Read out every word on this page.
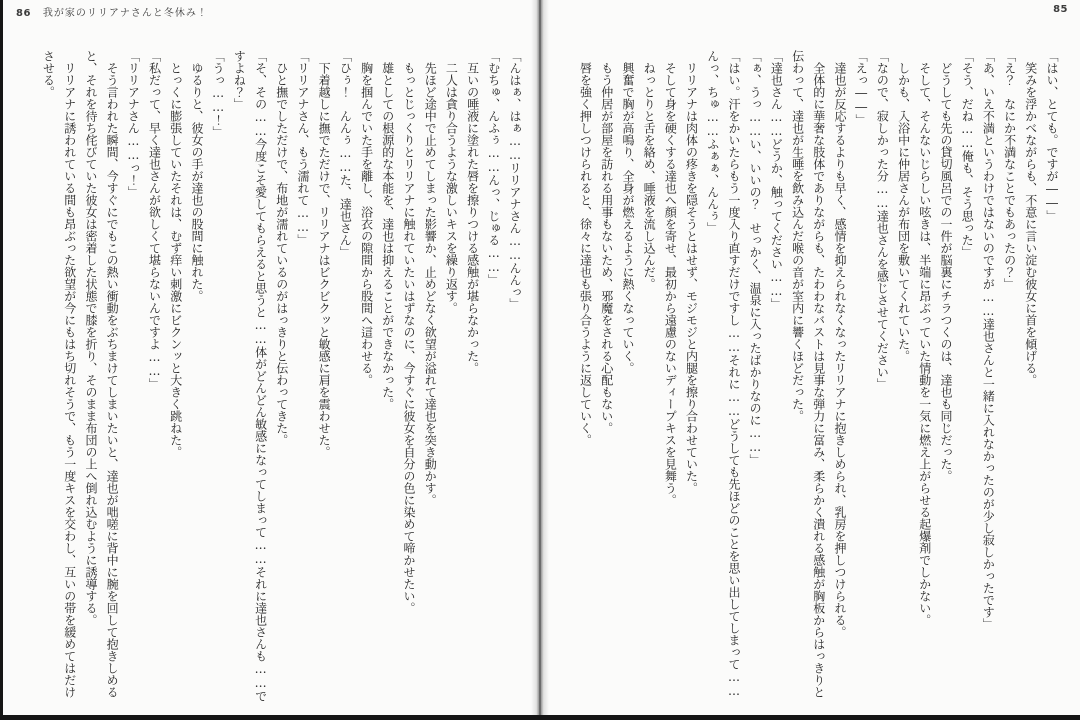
86 我が家のリリアナさんと冬休み！

「んはぁ、はぁ……リリアナさん……んんっ」

「むちゅ、んふぅ……んっ、じゅる……」

互いの唾液に塗れた唇を擦りつける感触が堪らなかった。

二人は貪り合うような激しいキスを繰り返す。

先ほど途中で止めてしまった影響か、止めどなく欲望が溢れて達也を突き動かす。

もっとじっくりとリリアナに触れていたいはずなのに、今すぐに彼女を自分の色に染めて啼かせたい。

雄としての根源的な本能を、達也は抑えることができなかった。

胸を掴んでいた手を離し、浴衣の隙間から股間へ這わせる。

「ひぅ！　んんぅ……た、達也さん」

下着越しに撫でただけで、リリアナはビクビクッと敏感に肩を震わせた。

「リリアナさん、もう濡れて……」

ひと撫でしただけで、布地が濡れているのがはっきりと伝わってきた。

「そ、その……今度こそ愛してもらえると思うと……体がどんどん敏感になってしまって……それに達也さんも……ですよね？」

「うっ……！」

ゆるりと、彼女の手が達也の股間に触れた。

とっくに膨張していたそれは、むず痒い刺激にビクンッと大きく跳ねた。

「私だって、早く達也さんが欲しくて堪らないんですよ……」

「リリアナさん……っ！」

そう言われた瞬間、今すぐにでもこの熱い衝動をぶちまけてしまいたいと、達也が咄嗟に背中に腕を回して抱きしめると、それを待ち侘びていた彼女は密着した状態で膝を折り、そのまま布団の上へ倒れ込むように誘導する。

リリアナに誘われている間も昂ぶった欲望が今にもはち切れそうで、もう一度キスを交わし、互いの帯を緩めてはだけさせる。

85

「はい、とても。ですが――」

笑みを浮かべながらも、不意に言い淀む彼女に首を傾げる。

「え？　なにか不満なことでもあったの？」

「あ、いえ不満というわけではないのですが……達也さんと一緒に入れなかったのが少し寂しかったです」

「そう、だね……俺も、そう思った」

どうしても先の貸切風呂での一件が脳裏にチラつくのは、達也も同じだった。

そして、そんないじらしい呟きは、半端に昂ぶっていた情動を一気に燃え上がらせる起爆剤でしかない。

しかも、入浴中に仲居さんが布団を敷いてくれていた。

「なので、寂しかった分……達也さんを感じさせてください」

「えっ――」

達也が反応するよりも早く、感情を抑えられなくなったリリアナに抱きしめられ、乳房を押しつけられる。

全体的に華奢な肢体でありながらも、たわわなバストは見事な弾力に富み、柔らかく潰れる感触が胸板からはっきりと伝わって、達也が生唾を飲み込んだ喉の音が室内に響くほどだった。

「達也さん……どうか、触ってください……」

「ぁ、うっ……い、いいの？　せっかく、温泉に入ったばかりなのに……」

「はい。汗をかいたらもう一度入り直すだけですし……それに……どうしても先ほどのことを思い出してしまって……んっ、ちゅ……ふぁぁ、んんぅ」

リリアナは肉体の疼きを隠そうとはせず、モジモジと内腿を擦り合わせていた。

そして身を硬くする達也へ顔を寄せ、最初から遠慮のないディープキスを見舞う。

ねっとりと舌を絡め、唾液を流し込んだ。

興奮で胸が高鳴り、全身が燃えるように熱くなっていく。

もう仲居が部屋を訪れる用事もないため、邪魔をされる心配もない。

唇を強く押しつけられると、徐々に達也も張り合うように返していく。
